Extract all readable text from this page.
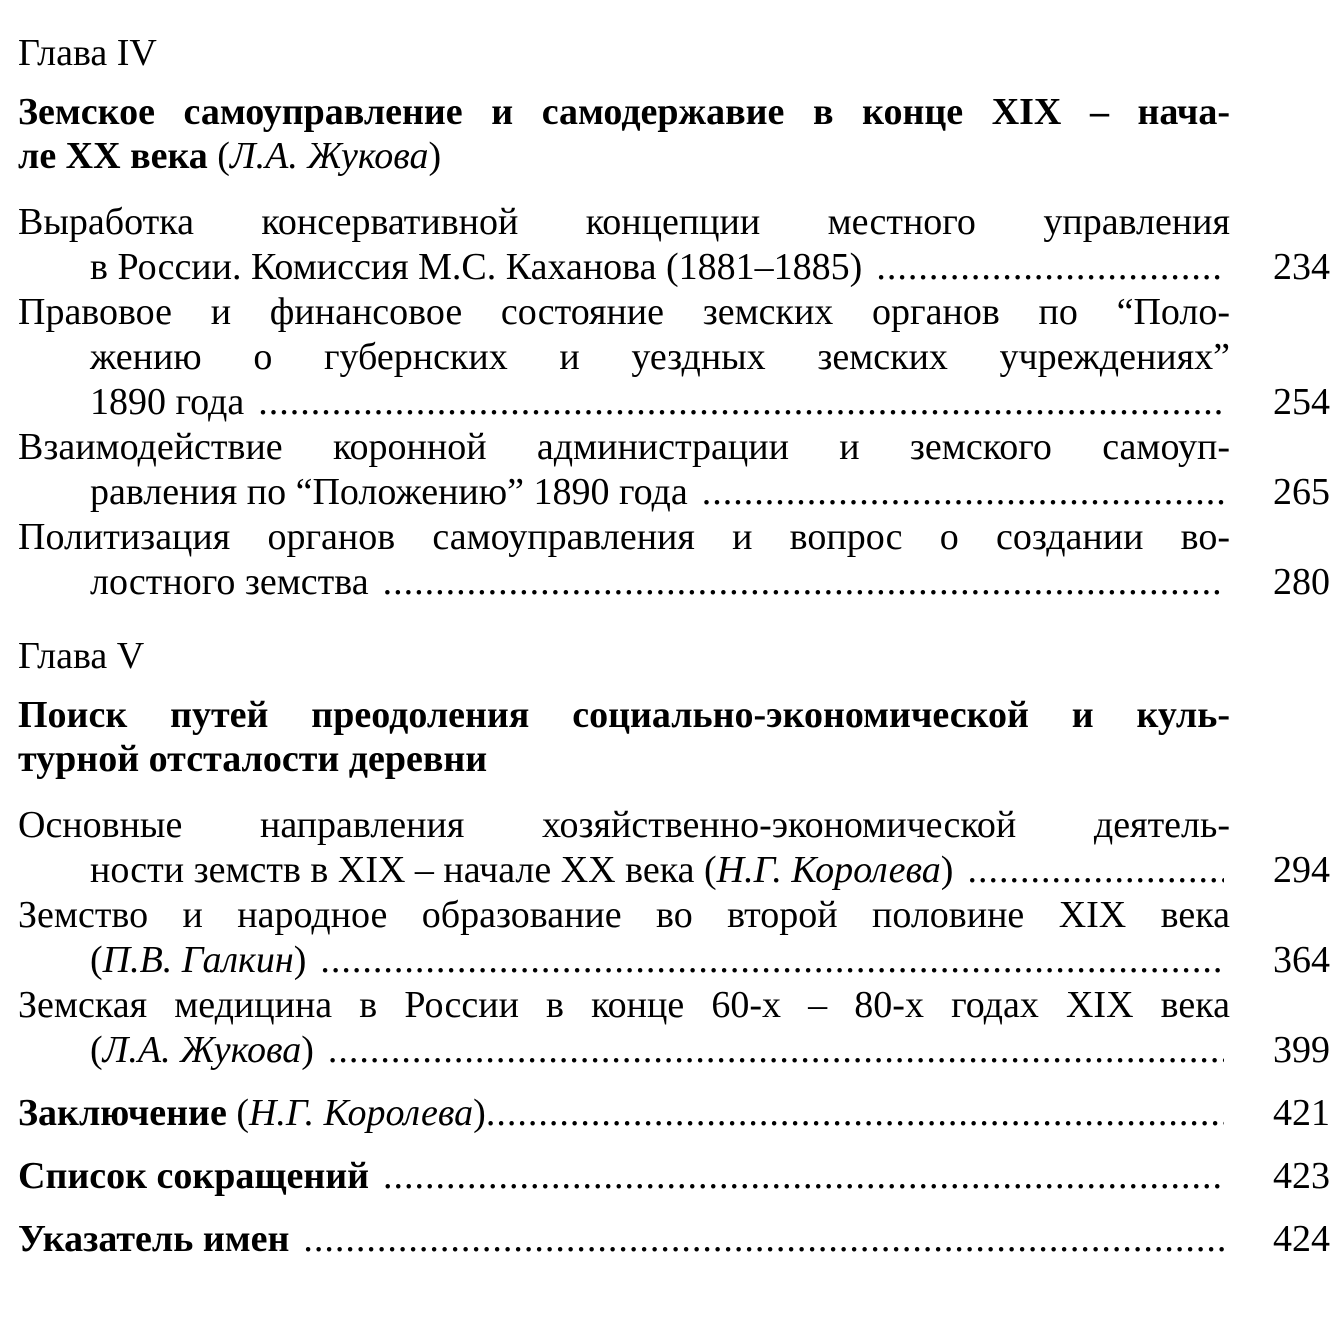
Глава IV
Земское самоуправление и самодержавие в конце XIX – нача-
ле XX века (Л.А. Жукова)
Выработка консервативной концепции местного управления
в России. Комиссия М.С. Каханова (1881–1885) .....	234
Правовое и финансовое состояние земских органов по “Поло-
жению о губернских и уездных земских учреждениях”
1890 года .....	254
Взаимодействие коронной администрации и земского самоуп-
равления по “Положению” 1890 года .....	265
Политизация органов самоуправления и вопрос о создании во-
лостного земства .....	280
Глава V
Поиск путей преодоления социально-экономической и куль-
турной отсталости деревни
Основные направления хозяйственно-экономической деятель-
ности земств в XIX – начале XX века ( Н.Г. Королева ) .....	294
Земство и народное образование во второй половине XIX века
( П.В. Галкин ) .....	364
Земская медицина в России в конце 60-х – 80-х годах XIX века
( Л.А. Жукова ) .....	399
Заключение ( Н.Г. Королева ) .....	421
Список сокращений .....	423
Указатель имен .....	424
